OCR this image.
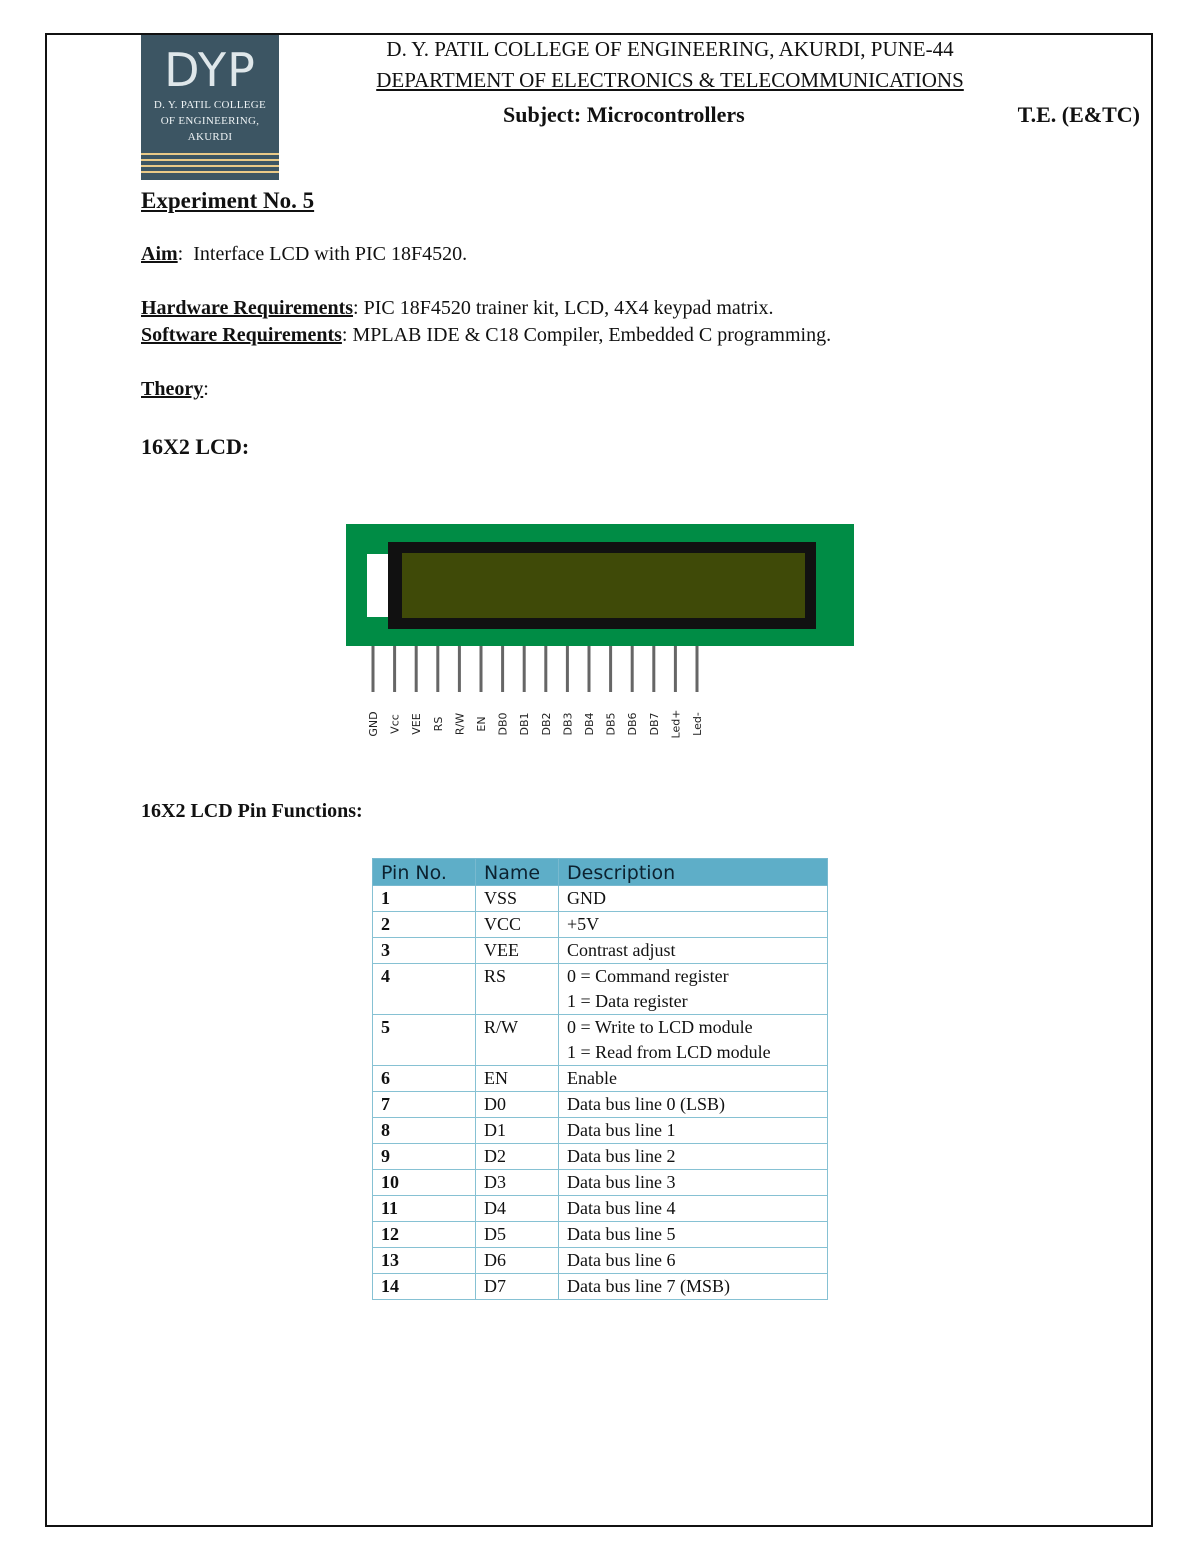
DYP
D. Y. PATIL COLLEGE
OF ENGINEERING,
AKURDI
D. Y. PATIL COLLEGE OF ENGINEERING, AKURDI, PUNE-44
DEPARTMENT OF ELECTRONICS & TELECOMMUNICATIONS
Subject: Microcontrollers	T.E. (E&TC)
Experiment No. 5
Aim:  Interface LCD with PIC 18F4520.
Hardware Requirements: PIC 18F4520 trainer kit, LCD, 4X4 keypad matrix.
Software Requirements: MPLAB IDE & C18 Compiler, Embedded C programming.
Theory:
16X2 LCD:
GND Vcc VEE RS R/W EN DB0 DB1 DB2 DB3 DB4 DB5 DB6 DB7 Led+ Led-
16X2 LCD Pin Functions:
Pin No.	Name	Description
1	VSS	GND
2	VCC	+5V
3	VEE	Contrast adjust
4	RS	0 = Command register
1 = Data register
5	R/W	0 = Write to LCD module
1 = Read from LCD module
6	EN	Enable
7	D0	Data bus line 0 (LSB)
8	D1	Data bus line 1
9	D2	Data bus line 2
10	D3	Data bus line 3
11	D4	Data bus line 4
12	D5	Data bus line 5
13	D6	Data bus line 6
14	D7	Data bus line 7 (MSB)
